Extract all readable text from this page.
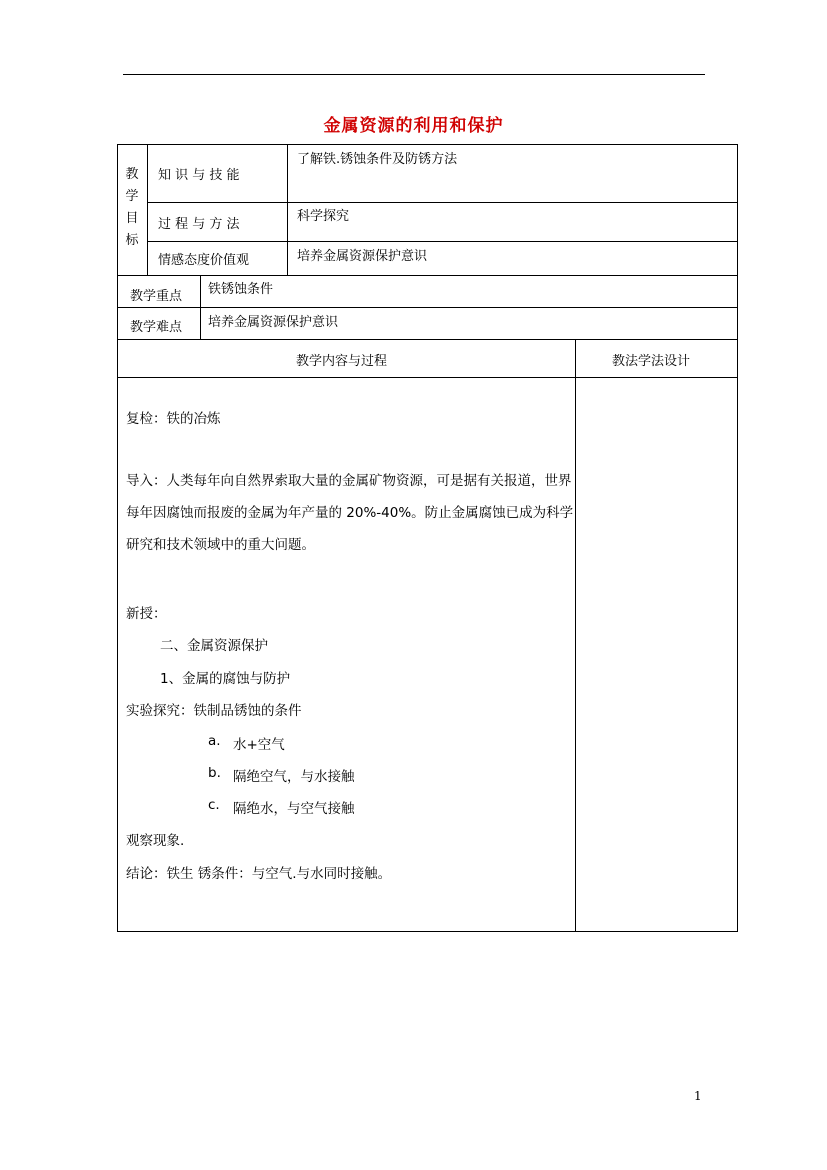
金属资源的利用和保护
教学目标
知 识 与 技 能
了解铁.锈蚀条件及防锈方法
过 程 与 方 法
科学探究
情感态度价值观	培养金属资源保护意识
教学重点 铁锈蚀条件
教学难点 培养金属资源保护意识
教学内容与过程	教法学法设计
复检：铁的冶炼
导入：人类每年向自然界索取大量的金属矿物资源，可是据有关报道，世界每年因腐蚀而报废的金属为年产量的 20%-40%。防止金属腐蚀已成为科学研究和技术领域中的重大问题。
新授：
二、金属资源保护
1、金属的腐蚀与防护
实验探究：铁制品锈蚀的条件
a. 水+空气
b. 隔绝空气，与水接触
c. 隔绝水，与空气接触
观察现象.
结论：铁生 锈条件：与空气.与水同时接触。
1
